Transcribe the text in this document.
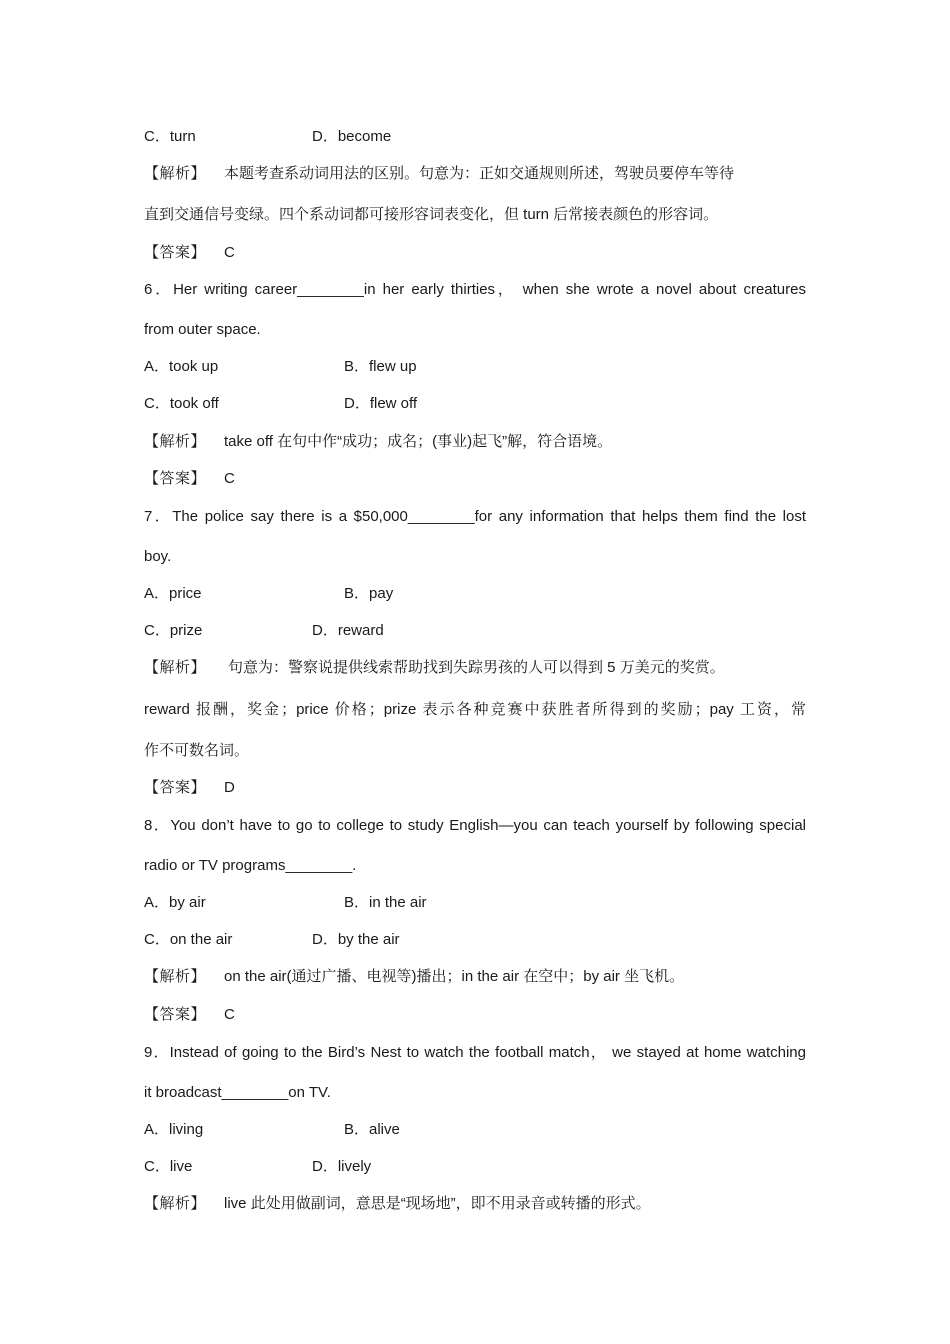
C．turn	D．become
【解析】 本题考查系动词用法的区别。句意为：正如交通规则所述，驾驶员要停车等待
直到交通信号变绿。四个系动词都可接形容词表变化，但 turn 后常接表颜色的形容词。
【答案】 C
6．Her writing career________in her early thirties， when she wrote a novel about creatures
from outer space.
A．took up	B．flew up
C．took off	D．flew off
【解析】 take off 在句中作“成功；成名；(事业)起飞”解，符合语境。
【答案】 C
7．The police say there is a $50,000________for any information that helps them find the lost
boy.
A．price	B．pay
C．prize	D．reward
【解析】 句意为：警察说提供线索帮助找到失踪男孩的人可以得到 5 万美元的奖赏。
reward 报酬，奖金；price 价格；prize 表示各种竞赛中获胜者所得到的奖励；pay 工资，常
作不可数名词。
【答案】 D
8．You don’t have to go to college to study English—you can teach yourself by following special
radio or TV programs________.
A．by air	B．in the air
C．on the air	D．by the air
【解析】 on the air(通过广播、电视等)播出；in the air 在空中；by air 坐飞机。
【答案】 C
9．Instead of going to the Bird’s Nest to watch the football match， we stayed at home watching
it broadcast________on TV.
A．living	B．alive
C．live	D．lively
【解析】 live 此处用做副词，意思是“现场地”，即不用录音或转播的形式。
